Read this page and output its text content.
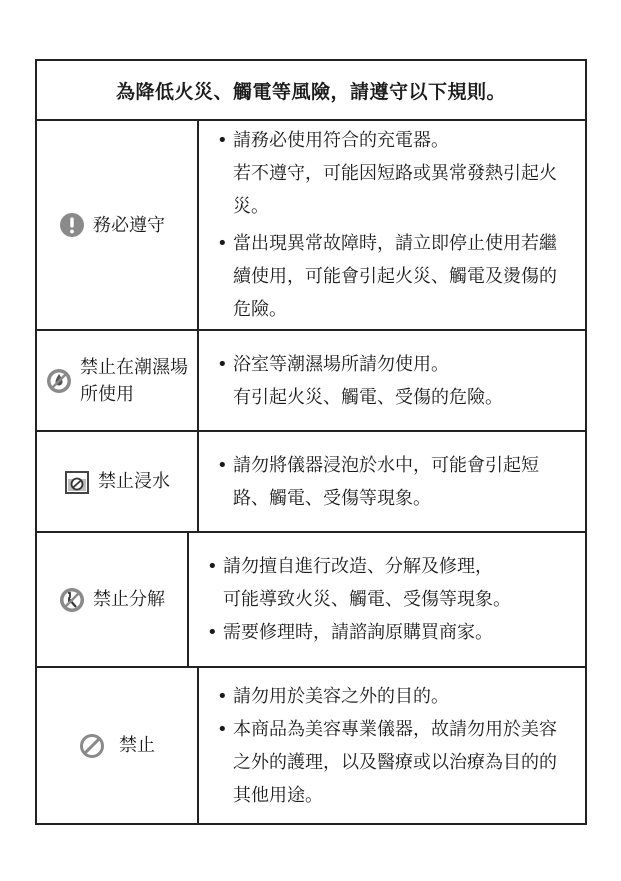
為降低火災、觸電等風險，請遵守以下規則。
務必遵守
• 請務必使用符合的充電器。
若不遵守，可能因短路或異常發熱引起火災。
• 當出現異常故障時，請立即停止使用若繼續使用，可能會引起火災、觸電及燙傷的危險。
禁止在潮濕場所使用
• 浴室等潮濕場所請勿使用。
有引起火災、觸電、受傷的危險。
禁止浸水
• 請勿將儀器浸泡於水中，可能會引起短路、觸電、受傷等現象。
禁止分解
• 請勿擅自進行改造、分解及修理，
可能導致火災、觸電、受傷等現象。
• 需要修理時，請諮詢原購買商家。
禁止
• 請勿用於美容之外的目的。
• 本商品為美容專業儀器，故請勿用於美容之外的護理，以及醫療或以治療為目的的其他用途。
